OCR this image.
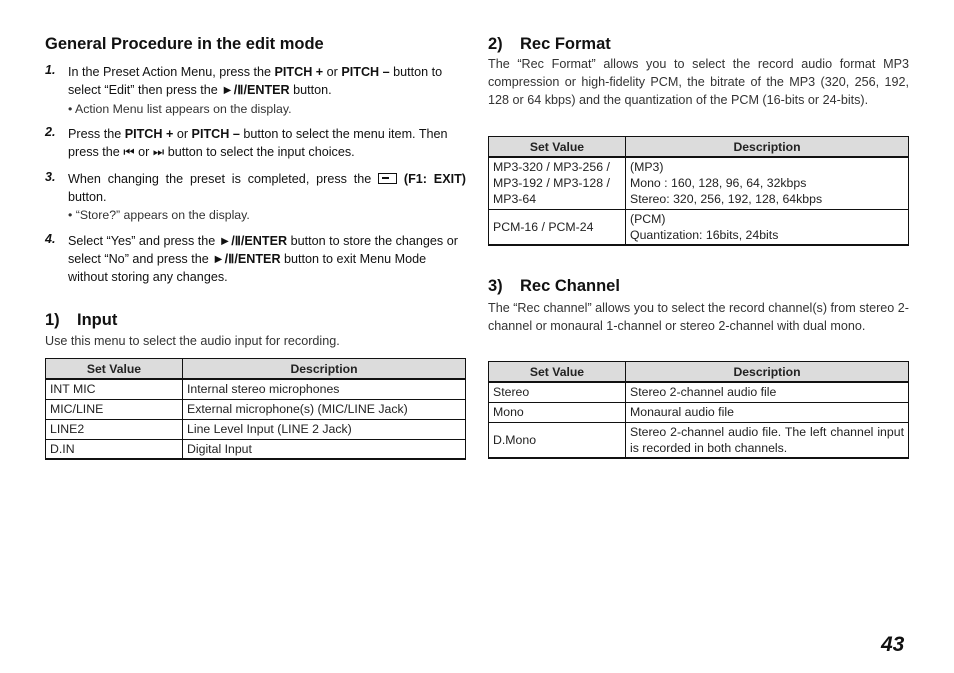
General Procedure in the edit mode
1. In the Preset Action Menu, press the PITCH + or PITCH – button to select “Edit” then press the ►/Ⅱ/ENTER button.

• Action Menu list appears on the display.
2. Press the PITCH + or PITCH – button to select the menu item. Then press the ⏮ or ⏭ button to select the input choices.

3. When changing the preset is completed, press the  (F1: EXIT) button.

• “Store?” appears on the display.
4. Select “Yes” and press the ►/Ⅱ/ENTER button to store the changes or select “No” and press the ►/Ⅱ/ENTER button to exit Menu Mode without storing any changes.

1) Input

Use this menu to select the audio input for recording.

Set Value	Description
INT MIC	Internal stereo microphones
MIC/LINE	External microphone(s) (MIC/LINE Jack)
LINE2	Line Level Input (LINE 2 Jack)
D.IN	Digital Input
2) Rec Format

The “Rec Format” allows you to select the record audio format MP3 compression or high-fidelity PCM, the bitrate of the MP3 (320, 256, 192, 128 or 64 kbps) and the quantization of the PCM (16-bits or 24-bits).

Set Value	Description
MP3-320 / MP3-256 /
MP3-192 / MP3-128 /
MP3-64	(MP3)
Mono : 160, 128, 96, 64, 32kbps
Stereo: 320, 256, 192, 128, 64kbps
PCM-16 / PCM-24	(PCM)
Quantization: 16bits, 24bits
3) Rec Channel

The “Rec channel” allows you to select the record channel(s) from stereo 2-channel or monaural 1-channel or stereo 2-channel with dual mono.

Set Value	Description
Stereo	Stereo 2-channel audio file
Mono	Monaural audio file
D.Mono	Stereo 2-channel audio file. The left channel input is recorded in both channels.
43
